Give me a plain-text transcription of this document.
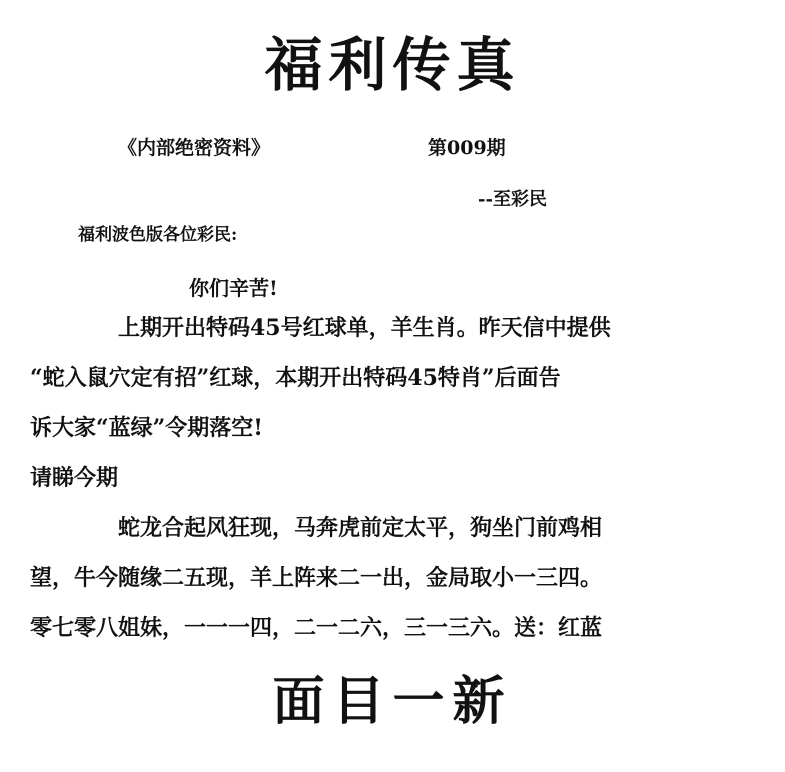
福利传真
《内部绝密资料》	第009期
--至彩民
福利波色版各位彩民:
你们辛苦!
上期开出特码45号红球单，羊生肖。昨天信中提供
“蛇入鼠穴定有招”红球，本期开出特码45特肖”后面告
诉大家“蓝绿”令期落空!
请睇今期
蛇龙合起风狂现，马奔虎前定太平，狗坐门前鸡相
望，牛今随缘二五现，羊上阵来二一出，金局取小一三四。
零七零八姐妹，一一一四，二一二六，三一三六。送：红蓝
面目一新
